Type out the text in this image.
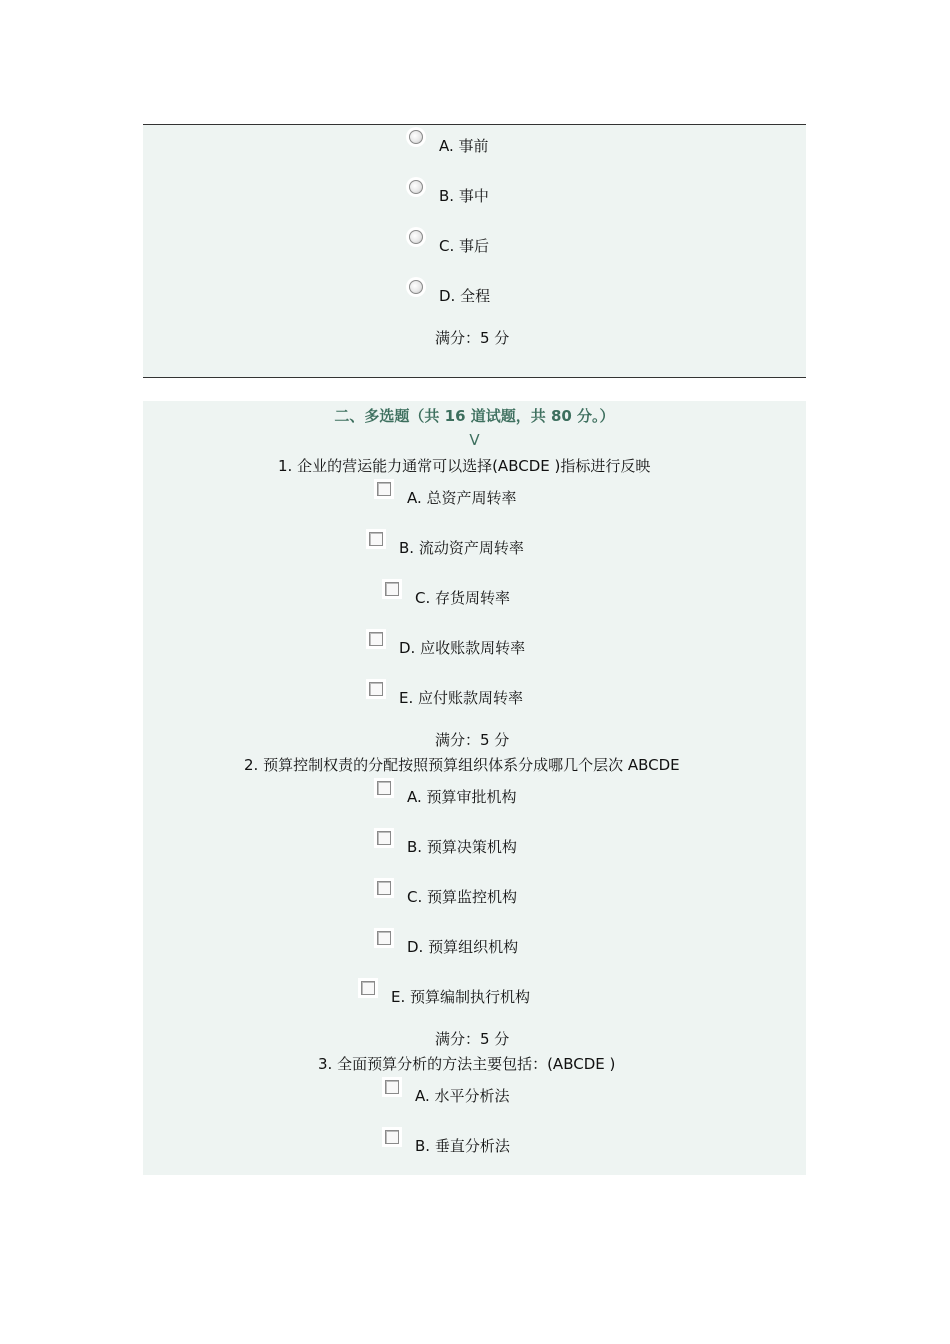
A. 事前
B. 事中
C. 事后
D. 全程
满分：5 分
二、多选题（共 16 道试题，共 80 分。）
V
1. 企业的营运能力通常可以选择(ABCDE )指标进行反映
A. 总资产周转率
B. 流动资产周转率
C. 存货周转率
D. 应收账款周转率
E. 应付账款周转率
满分：5 分
2. 预算控制权责的分配按照预算组织体系分成哪几个层次 ABCDE
A. 预算审批机构
B. 预算决策机构
C. 预算监控机构
D. 预算组织机构
E. 预算编制执行机构
满分：5 分
3. 全面预算分析的方法主要包括：(ABCDE )
A. 水平分析法
B. 垂直分析法
